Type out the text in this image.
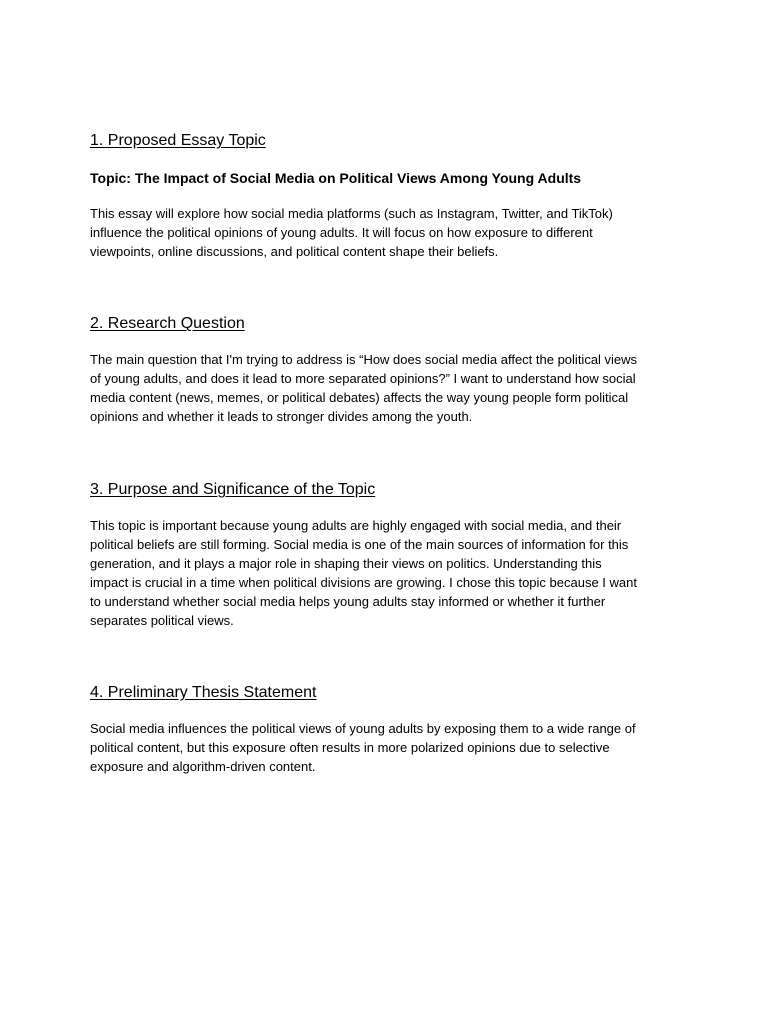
1. Proposed Essay Topic

Topic: The Impact of Social Media on Political Views Among Young Adults

This essay will explore how social media platforms (such as Instagram, Twitter, and TikTok)
influence the political opinions of young adults. It will focus on how exposure to different
viewpoints, online discussions, and political content shape their beliefs.

2. Research Question

The main question that I'm trying to address is “How does social media affect the political views
of young adults, and does it lead to more separated opinions?” I want to understand how social
media content (news, memes, or political debates) affects the way young people form political
opinions and whether it leads to stronger divides among the youth.

3. Purpose and Significance of the Topic

This topic is important because young adults are highly engaged with social media, and their
political beliefs are still forming. Social media is one of the main sources of information for this
generation, and it plays a major role in shaping their views on politics. Understanding this
impact is crucial in a time when political divisions are growing. I chose this topic because I want
to understand whether social media helps young adults stay informed or whether it further
separates political views.

4. Preliminary Thesis Statement

Social media influences the political views of young adults by exposing them to a wide range of
political content, but this exposure often results in more polarized opinions due to selective
exposure and algorithm-driven content.
